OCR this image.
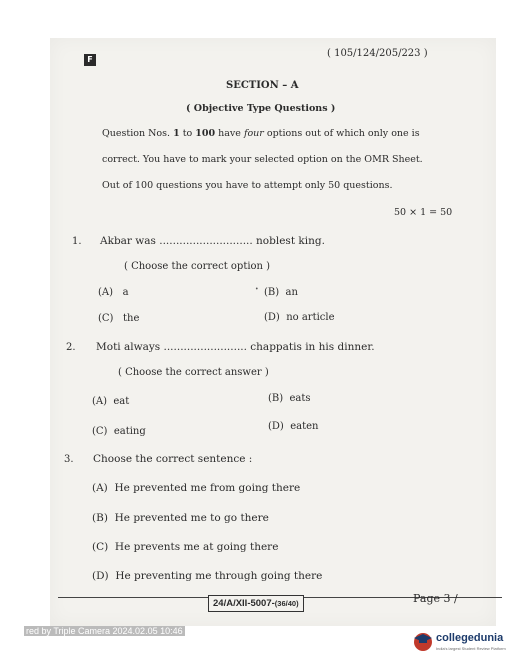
F
( 105/124/205/223 )
SECTION – A
( Objective Type Questions )
Question Nos. 1 to 100 have four options out of which only one is
correct. You have to mark your selected option on the OMR Sheet.
Out of 100 questions you have to attempt only 50 questions.
50 × 1 = 50
1. Akbar was ............................ noblest king.
( Choose the correct option )
(A) a	• (B) an
(C) the	(D) no article
2. Moti always ......................... chappatis in his dinner.
( Choose the correct answer )
(A) eat	(B) eats
(C) eating	(D) eaten
3. Choose the correct sentence :
(A) He prevented me from going there
(B) He prevented me to go there
(C) He prevents me at going there
(D) He preventing me through going there
24/A/XII-5007-(36/40)	Page 3 /
red by Triple Camera 2024.02.05 10:46
collegedunia
India's largest Student Review Platform
